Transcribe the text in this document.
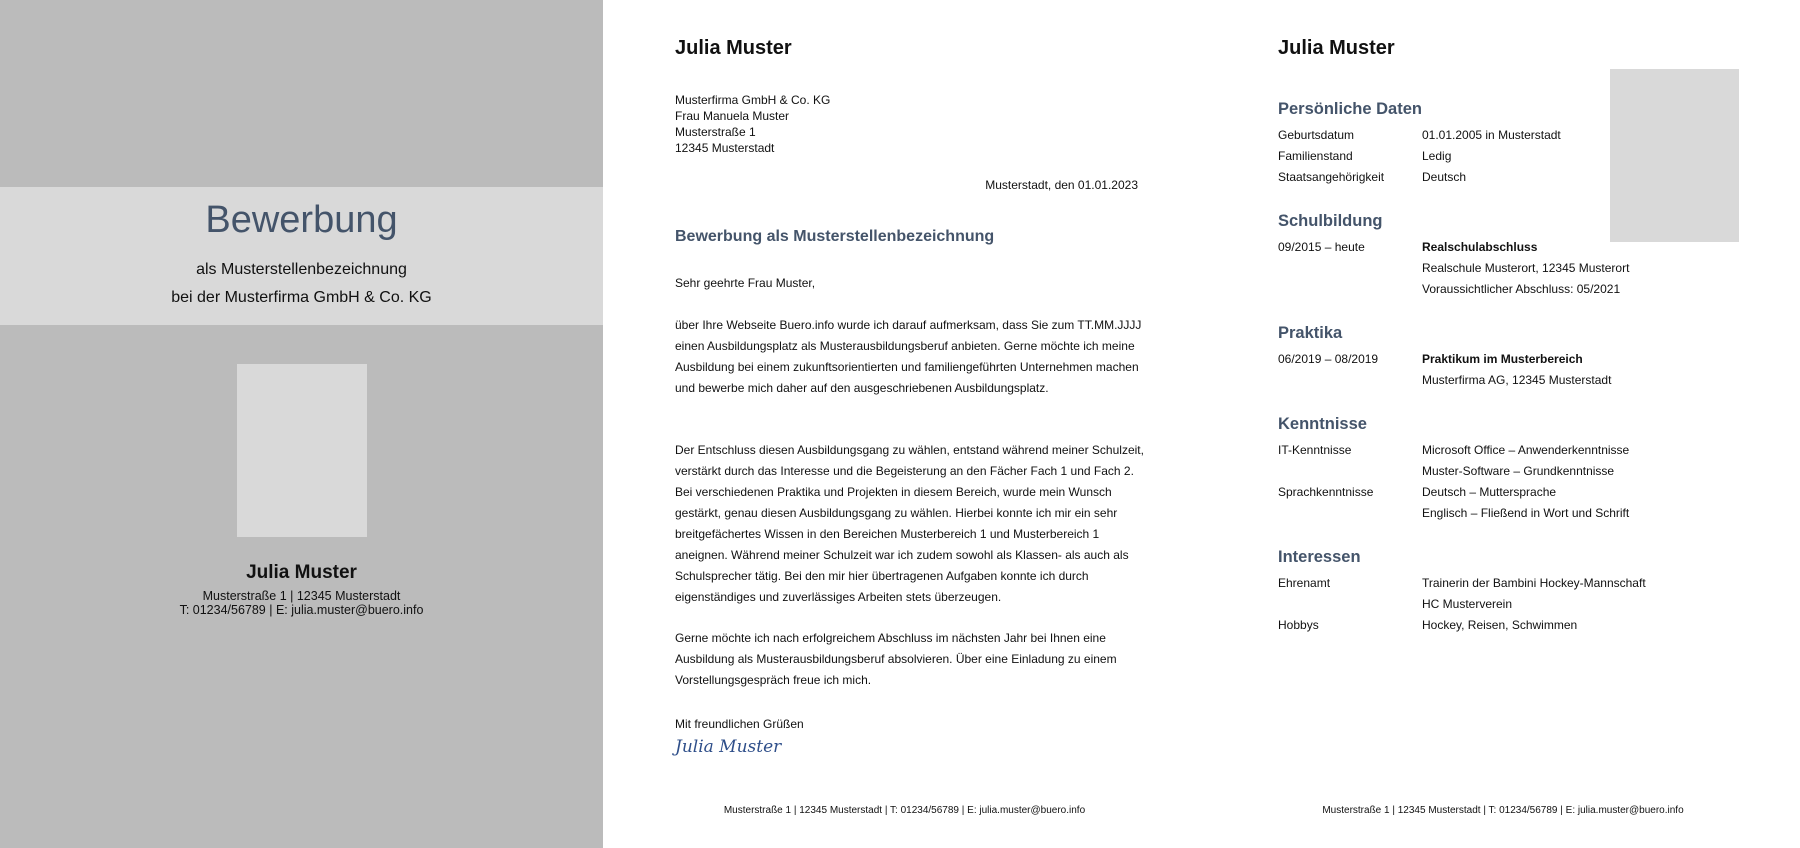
Bewerbung
als Musterstellenbezeichnung
bei der Musterfirma GmbH & Co. KG
Julia Muster
Musterstraße 1 | 12345 Musterstadt
T: 01234/56789 | E: julia.muster@buero.info
Julia Muster
Musterfirma GmbH & Co. KG
Frau Manuela Muster
Musterstraße 1
12345 Musterstadt
Musterstadt, den 01.01.2023
Bewerbung als Musterstellenbezeichnung
Sehr geehrte Frau Muster,
über Ihre Webseite Buero.info wurde ich darauf aufmerksam, dass Sie zum TT.MM.JJJJ einen Ausbildungsplatz als Musterausbildungsberuf anbieten. Gerne möchte ich meine Ausbildung bei einem zukunftsorientierten und familiengeführten Unternehmen machen und bewerbe mich daher auf den ausgeschriebenen Ausbildungsplatz.
Der Entschluss diesen Ausbildungsgang zu wählen, entstand während meiner Schulzeit, verstärkt durch das Interesse und die Begeisterung an den Fächer Fach 1 und Fach 2. Bei verschiedenen Praktika und Projekten in diesem Bereich, wurde mein Wunsch gestärkt, genau diesen Ausbildungsgang zu wählen. Hierbei konnte ich mir ein sehr breitgefächertes Wissen in den Bereichen Musterbereich 1 und Musterbereich 1 aneignen. Während meiner Schulzeit war ich zudem sowohl als Klassen- als auch als Schulsprecher tätig. Bei den mir hier übertragenen Aufgaben konnte ich durch eigenständiges und zuverlässiges Arbeiten stets überzeugen.
Gerne möchte ich nach erfolgreichem Abschluss im nächsten Jahr bei Ihnen eine Ausbildung als Musterausbildungsberuf absolvieren. Über eine Einladung zu einem Vorstellungsgespräch freue ich mich.
Mit freundlichen Grüßen
Julia Muster
Musterstraße 1 | 12345 Musterstadt | T: 01234/56789 | E: julia.muster@buero.info
Julia Muster
Persönliche Daten
Geburtsdatum	01.01.2005 in Musterstadt
Familienstand	Ledig
Staatsangehörigkeit	Deutsch
Schulbildung
09/2015 – heute	Realschulabschluss
Realschule Musterort, 12345 Musterort
Voraussichtlicher Abschluss: 05/2021
Praktika
06/2019 – 08/2019	Praktikum im Musterbereich
Musterfirma AG, 12345 Musterstadt
Kenntnisse
IT-Kenntnisse	Microsoft Office – Anwenderkenntnisse
Muster-Software – Grundkenntnisse
Sprachkenntnisse	Deutsch – Muttersprache
Englisch – Fließend in Wort und Schrift
Interessen
Ehrenamt	Trainerin der Bambini Hockey-Mannschaft
HC Musterverein
Hobbys	Hockey, Reisen, Schwimmen
Musterstraße 1 | 12345 Musterstadt | T: 01234/56789 | E: julia.muster@buero.info
